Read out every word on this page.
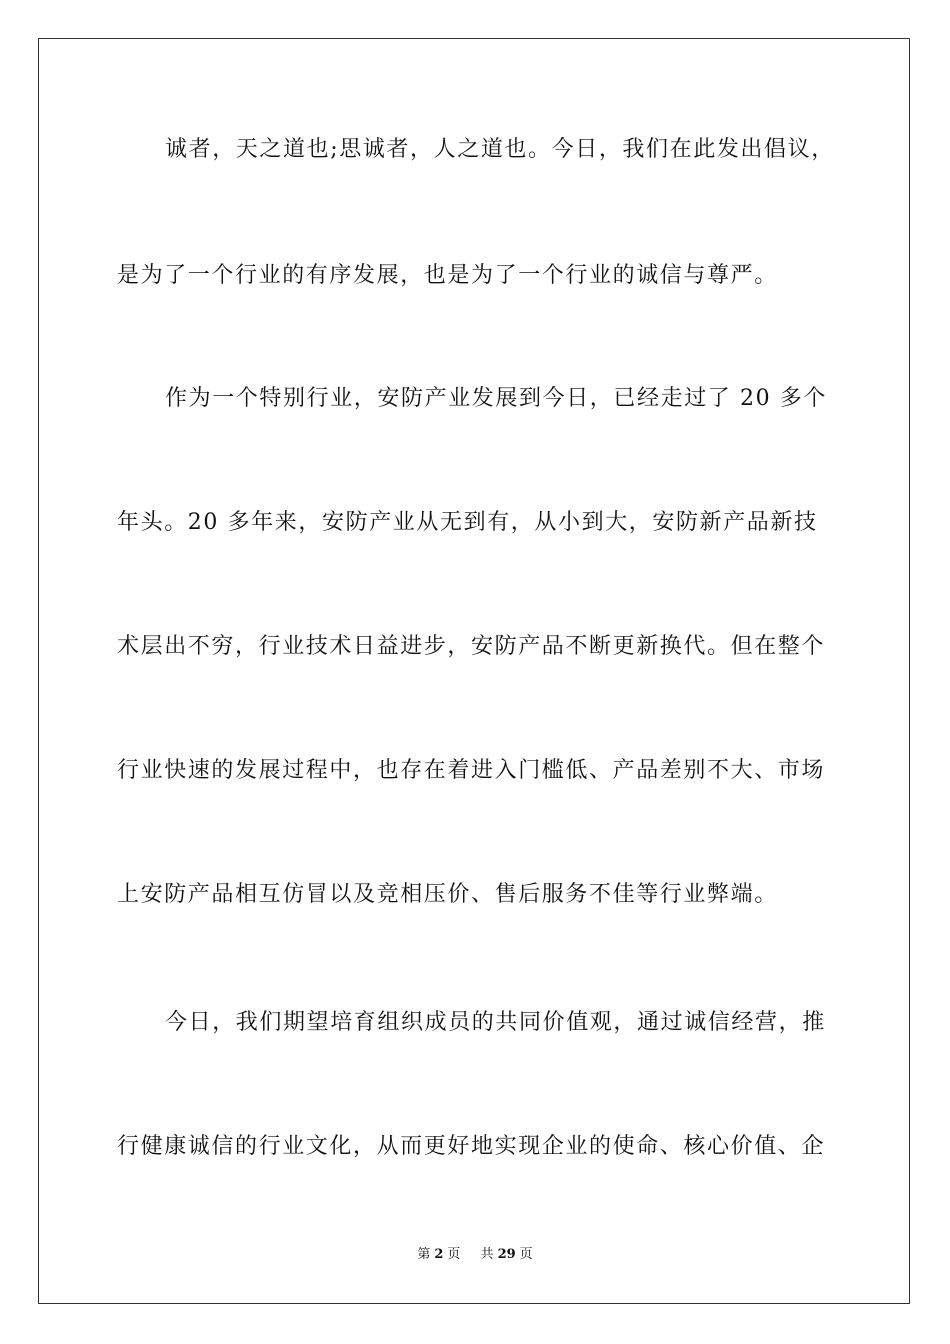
诚者，天之道也;思诚者，人之道也。今日，我们在此发出倡议，
是为了一个行业的有序发展，也是为了一个行业的诚信与尊严。
作为一个特别行业，安防产业发展到今日，已经走过了 20 多个
年头。20 多年来，安防产业从无到有，从小到大，安防新产品新技
术层出不穷，行业技术日益进步，安防产品不断更新换代。但在整个
行业快速的发展过程中，也存在着进入门槛低、产品差别不大、市场
上安防产品相互仿冒以及竞相压价、售后服务不佳等行业弊端。
今日，我们期望培育组织成员的共同价值观，通过诚信经营，推
行健康诚信的行业文化，从而更好地实现企业的使命、核心价值、企
第 2 页 共 29 页
